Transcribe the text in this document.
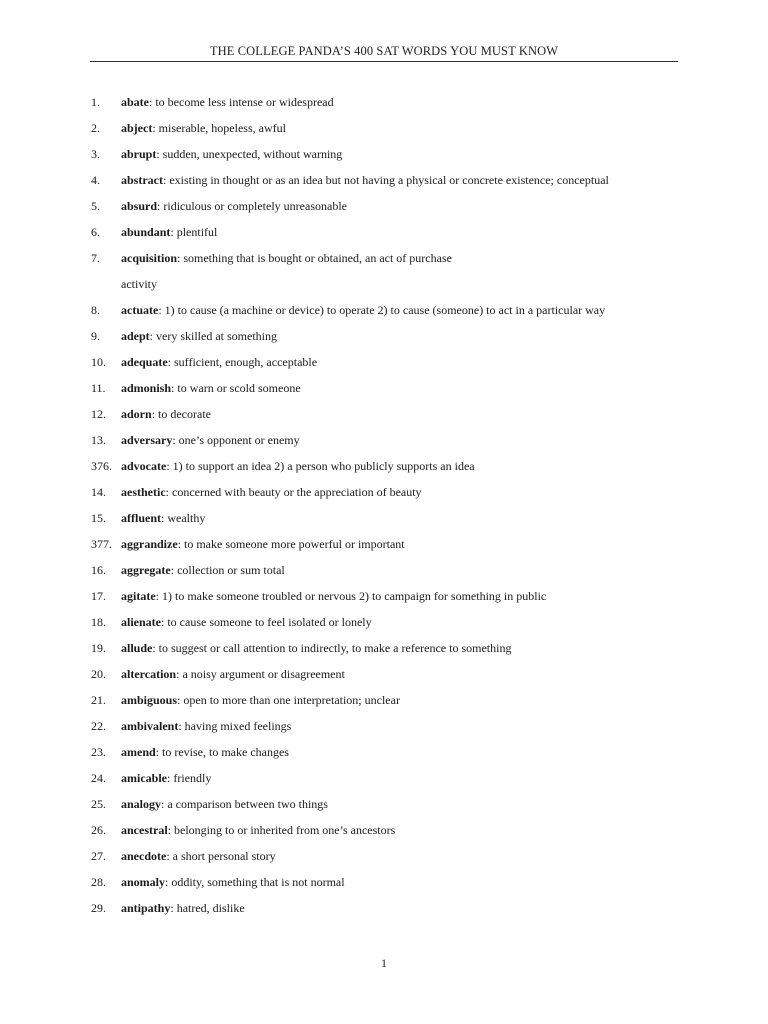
THE COLLEGE PANDA’S 400 SAT WORDS YOU MUST KNOW
1. abate: to become less intense or widespread
2. abject: miserable, hopeless, awful
3. abrupt: sudden, unexpected, without warning
4. abstract: existing in thought or as an idea but not having a physical or concrete existence; conceptual
5. absurd: ridiculous or completely unreasonable
6. abundant: plentiful
7. acquisition: something that is bought or obtained, an act of purchase
activity
8. actuate: 1) to cause (a machine or device) to operate 2) to cause (someone) to act in a particular way
9. adept: very skilled at something
10. adequate: sufficient, enough, acceptable
11. admonish: to warn or scold someone
12. adorn: to decorate
13. adversary: one’s opponent or enemy
376. advocate: 1) to support an idea 2) a person who publicly supports an idea
14. aesthetic: concerned with beauty or the appreciation of beauty
15. affluent: wealthy
377. aggrandize: to make someone more powerful or important
16. aggregate: collection or sum total
17. agitate: 1) to make someone troubled or nervous 2) to campaign for something in public
18. alienate: to cause someone to feel isolated or lonely
19. allude: to suggest or call attention to indirectly, to make a reference to something
20. altercation: a noisy argument or disagreement
21. ambiguous: open to more than one interpretation; unclear
22. ambivalent: having mixed feelings
23. amend: to revise, to make changes
24. amicable: friendly
25. analogy: a comparison between two things
26. ancestral: belonging to or inherited from one’s ancestors
27. anecdote: a short personal story
28. anomaly: oddity, something that is not normal
29. antipathy: hatred, dislike
1
